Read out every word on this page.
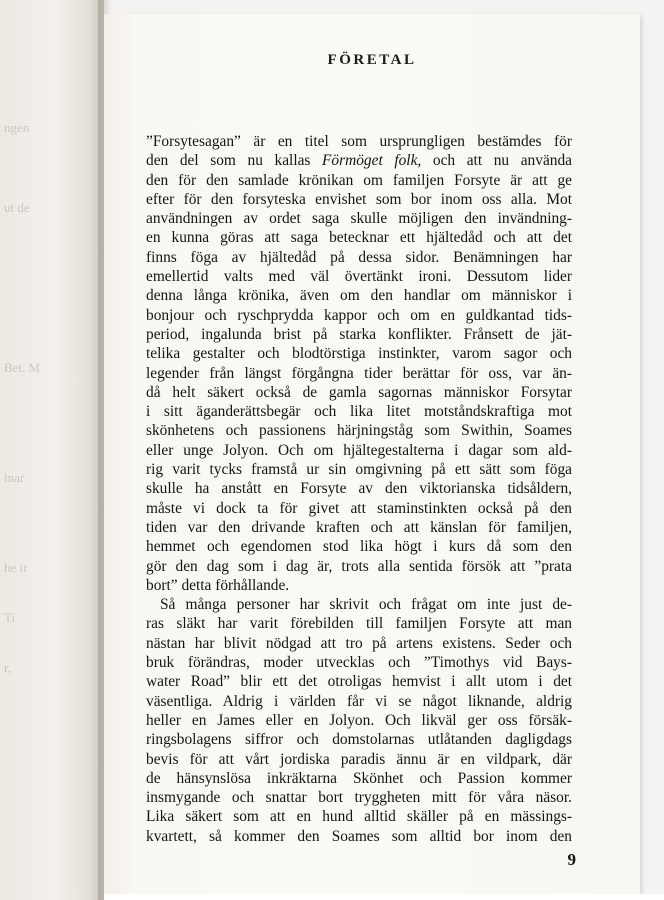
ngen
ut de
Bet. M
lnar
he ir
Ti
r,
FÖRETAL
”Forsytesagan” är en titel som ursprungligen bestämdes för
den del som nu kallas Förmöget folk, och att nu använda
den för den samlade krönikan om familjen Forsyte är att ge
efter för den forsyteska envishet som bor inom oss alla. Mot
användningen av ordet saga skulle möjligen den invändning-
en kunna göras att saga betecknar ett hjältedåd och att det
finns föga av hjältedåd på dessa sidor. Benämningen har
emellertid valts med väl övertänkt ironi. Dessutom lider
denna långa krönika, även om den handlar om människor i
bonjour och ryschprydda kappor och om en guldkantad tids-
period, ingalunda brist på starka konflikter. Frånsett de jät-
telika gestalter och blodtörstiga instinkter, varom sagor och
legender från längst förgångna tider berättar för oss, var än-
då helt säkert också de gamla sagornas människor Forsytar
i sitt äganderättsbegär och lika litet motståndskraftiga mot
skönhetens och passionens härjningståg som Swithin, Soames
eller unge Jolyon. Och om hjältegestalterna i dagar som ald-
rig varit tycks framstå ur sin omgivning på ett sätt som föga
skulle ha anstått en Forsyte av den viktorianska tidsåldern,
måste vi dock ta för givet att staminstinkten också på den
tiden var den drivande kraften och att känslan för familjen,
hemmet och egendomen stod lika högt i kurs då som den
gör den dag som i dag är, trots alla sentida försök att ”prata
bort” detta förhållande.
Så många personer har skrivit och frågat om inte just de-
ras släkt har varit förebilden till familjen Forsyte att man
nästan har blivit nödgad att tro på artens existens. Seder och
bruk förändras, moder utvecklas och ”Timothys vid Bays-
water Road” blir ett det otroligas hemvist i allt utom i det
väsentliga. Aldrig i världen får vi se något liknande, aldrig
heller en James eller en Jolyon. Och likväl ger oss försäk-
ringsbolagens siffror och domstolarnas utlåtanden dagligdags
bevis för att vårt jordiska paradis ännu är en vildpark, där
de hänsynslösa inkräktarna Skönhet och Passion kommer
insmygande och snattar bort tryggheten mitt för våra näsor.
Lika säkert som att en hund alltid skäller på en mässings-
kvartett, så kommer den Soames som alltid bor inom den
9
